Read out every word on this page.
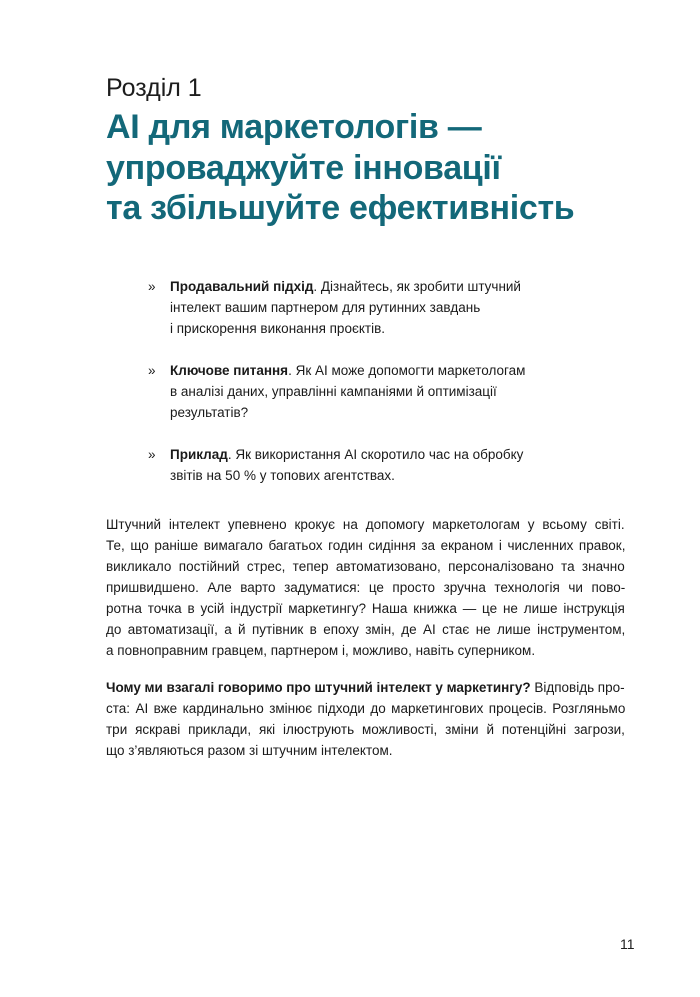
Розділ 1
AI для маркетологів —
упроваджуйте інновації
та збільшуйте ефективність
»	Продавальний підхід. Дізнайтесь, як зробити штучний
інтелект вашим партнером для рутинних завдань
і прискорення виконання проєктів.
»	Ключове питання. Як AI може допомогти маркетологам
в аналізі даних, управлінні кампаніями й оптимізації
результатів?
»	Приклад. Як використання AI скоротило час на обробку
звітів на 50 % у топових агентствах.
Штучний інтелект упевнено крокує на допомогу маркетологам у всьому світі.
Те, що раніше вимагало багатьох годин сидіння за екраном і численних правок,
викликало постійний стрес, тепер автоматизовано, персоналізовано та значно
пришвидшено. Але варто задуматися: це просто зручна технологія чи пово-
ротна точка в усій індустрії маркетингу? Наша книжка — це не лише інструкція
до автоматизації, а й путівник в епоху змін, де AI стає не лише інструментом,
а повноправним гравцем, партнером і, можливо, навіть суперником.
Чому ми взагалі говоримо про штучний інтелект у маркетингу? Відповідь про-
ста: AI вже кардинально змінює підходи до маркетингових процесів. Розгляньмо
три яскраві приклади, які ілюструють можливості, зміни й потенційні загрози,
що з’являються разом зі штучним інтелектом.
11
